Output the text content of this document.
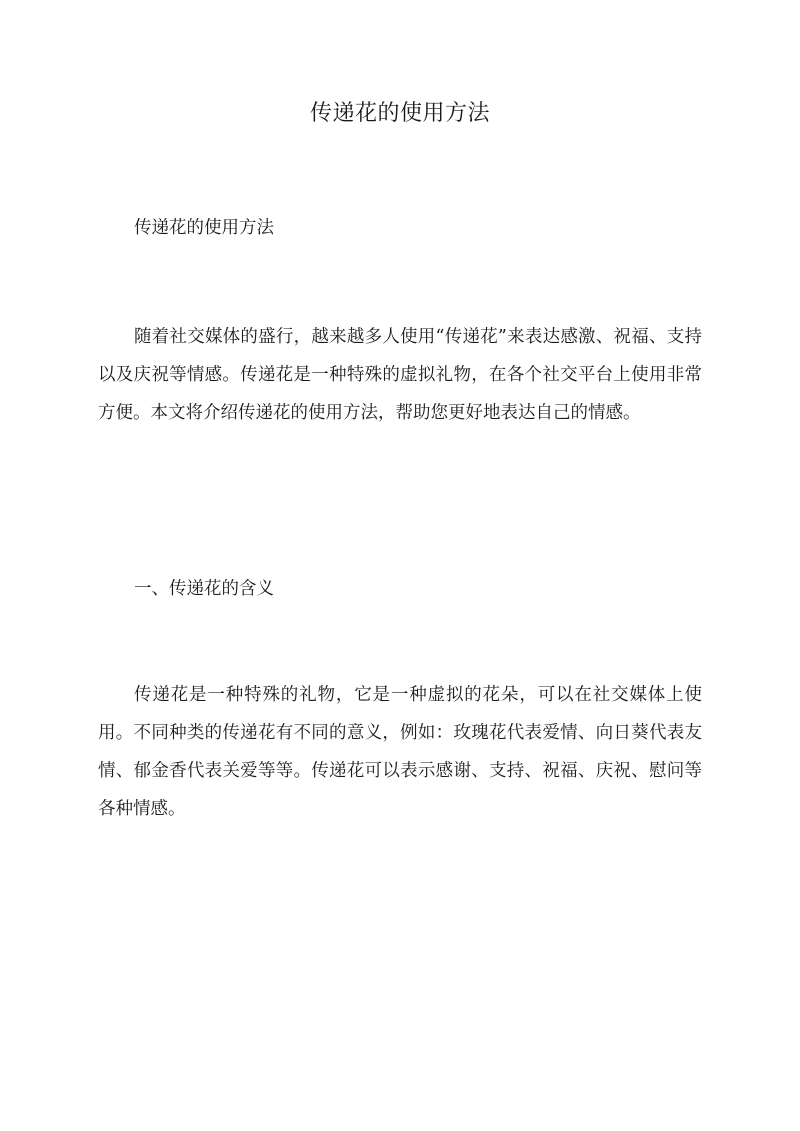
传递花的使用方法

传递花的使用方法

随着社交媒体的盛行，越来越多人使用“传递花”来表达感激、祝福、支持以及庆祝等情感。传递花是一种特殊的虚拟礼物，在各个社交平台上使用非常方便。本文将介绍传递花的使用方法，帮助您更好地表达自己的情感。

一、传递花的含义

传递花是一种特殊的礼物，它是一种虚拟的花朵，可以在社交媒体上使用。不同种类的传递花有不同的意义，例如：玫瑰花代表爱情、向日葵代表友情、郁金香代表关爱等等。传递花可以表示感谢、支持、祝福、庆祝、慰问等各种情感。
